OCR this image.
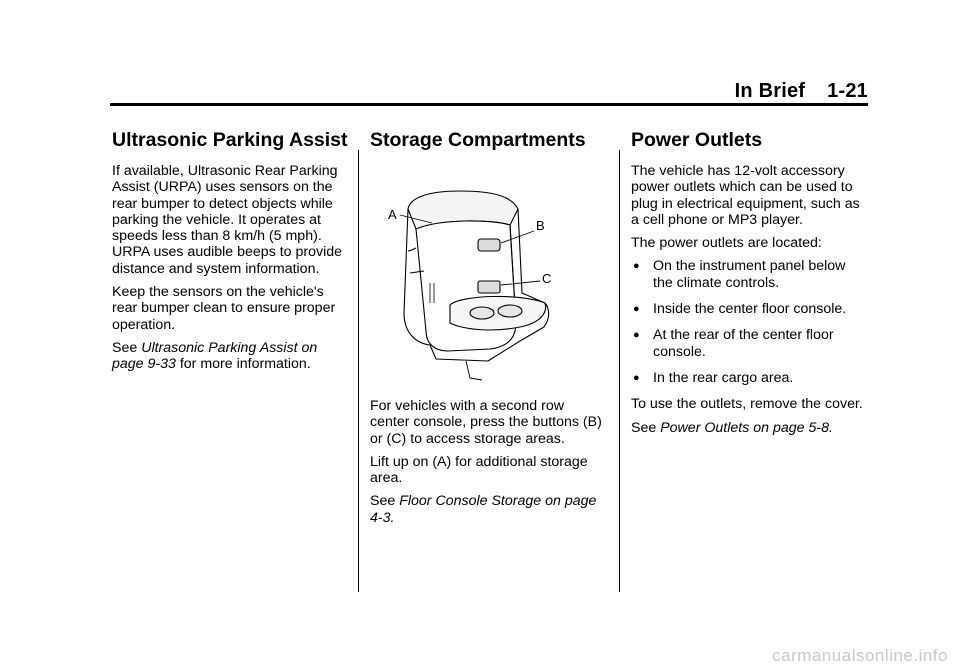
In Brief 1-21
Ultrasonic Parking Assist

If available, Ultrasonic Rear Parking Assist (URPA) uses sensors on the rear bumper to detect objects while parking the vehicle. It operates at speeds less than 8 km/h (5 mph). URPA uses audible beeps to provide distance and system information.

Keep the sensors on the vehicle's rear bumper clean to ensure proper operation.

See Ultrasonic Parking Assist on page 9-33 for more information.

Storage Compartments
B
C
A

For vehicles with a second row center console, press the buttons (B) or (C) to access storage areas.

Lift up on (A) for additional storage area.

See Floor Console Storage on page 4-3.

Power Outlets

The vehicle has 12-volt accessory power outlets which can be used to plug in electrical equipment, such as a cell phone or MP3 player.

The power outlets are located:

● On the instrument panel below the climate controls.
● Inside the center floor console.
● At the rear of the center floor console.
● In the rear cargo area.

To use the outlets, remove the cover.

See Power Outlets on page 5-8.

carmanualsonline.info
